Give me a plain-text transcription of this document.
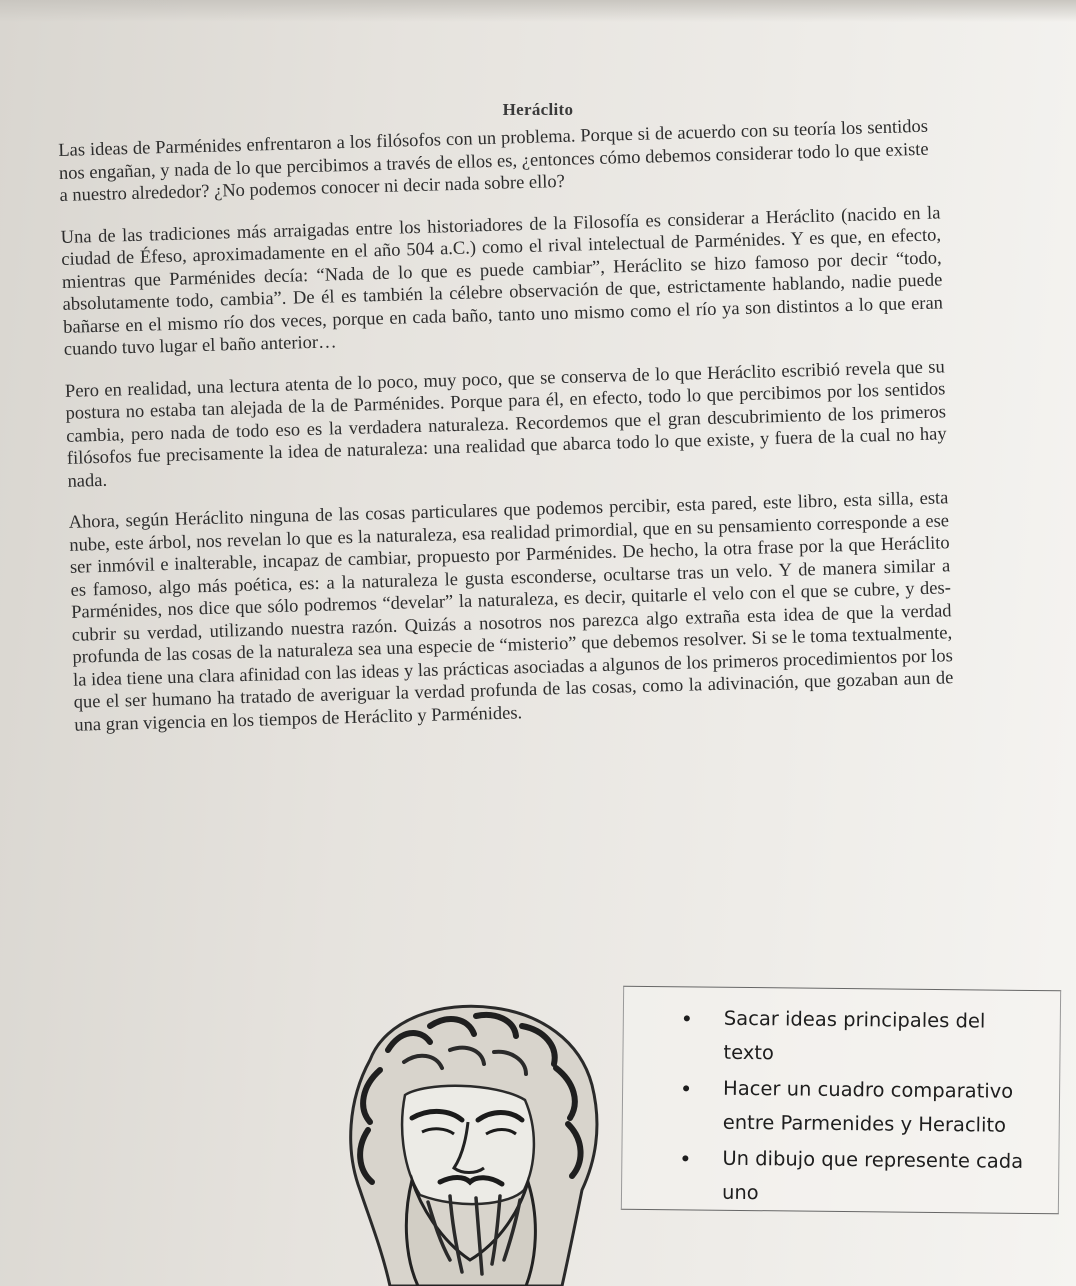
Heráclito

Las ideas de Parménides enfrentaron a los filósofos con un problema. Porque si de acuerdo con su teoría los sentidos nos engañan, y nada de lo que percibimos a través de ellos es, ¿entonces cómo debemos considerar todo lo que existe a nuestro alrededor? ¿No podemos conocer ni decir nada sobre ello?

Una de las tradiciones más arraigadas entre los historiadores de la Filosofía es considerar a Heráclito (nacido en la ciudad de Éfeso, aproximadamente en el año 504 a.C.) como el rival intelectual de Parménides. Y es que, en efecto, mientras que Parménides decía: “Nada de lo que es puede cambiar”, Heráclito se hizo famoso por decir “todo, absolutamente todo, cambia”. De él es también la célebre observación de que, estrictamente hablando, nadie puede bañarse en el mismo río dos veces, porque en cada baño, tanto uno mismo como el río ya son distintos a lo que eran cuando tuvo lugar el baño anterior…

Pero en realidad, una lectura atenta de lo poco, muy poco, que se conserva de lo que Heráclito escribió revela que su postura no estaba tan alejada de la de Parménides. Porque para él, en efecto, todo lo que percibimos por los sentidos cambia, pero nada de todo eso es la verdadera naturaleza. Recordemos que el gran descubrimiento de los primeros filósofos fue precisamente la idea de naturaleza: una realidad que abarca todo lo que existe, y fuera de la cual no hay nada.

Ahora, según Heráclito ninguna de las cosas particulares que podemos percibir, esta pared, este libro, esta silla, esta nube, este árbol, nos revelan lo que es la naturaleza, esa realidad primordial, que en su pensamiento corresponde a ese ser inmóvil e inalterable, incapaz de cambiar, propuesto por Parménides. De hecho, la otra frase por la que Heráclito es famoso, algo más poética, es: a la naturaleza le gusta esconderse, ocultarse tras un velo. Y de manera similar a Parménides, nos dice que sólo podremos “develar” la naturaleza, es decir, quitarle el velo con el que se cubre, y des-cubrir su verdad, utilizando nuestra razón. Quizás a nosotros nos parezca algo extraña esta idea de que la verdad profunda de las cosas de la naturaleza sea una especie de “misterio” que debemos resolver. Si se le toma textualmente, la idea tiene una clara afinidad con las ideas y las prácticas asociadas a algunos de los primeros procedimientos por los que el ser humano ha tratado de averiguar la verdad profunda de las cosas, como la adivinación, que gozaban aun de una gran vigencia en los tiempos de Heráclito y Parménides.

Sacar ideas principales del texto
Hacer un cuadro comparativo entre Parmenides y Heraclito
Un dibujo que represente cada uno
